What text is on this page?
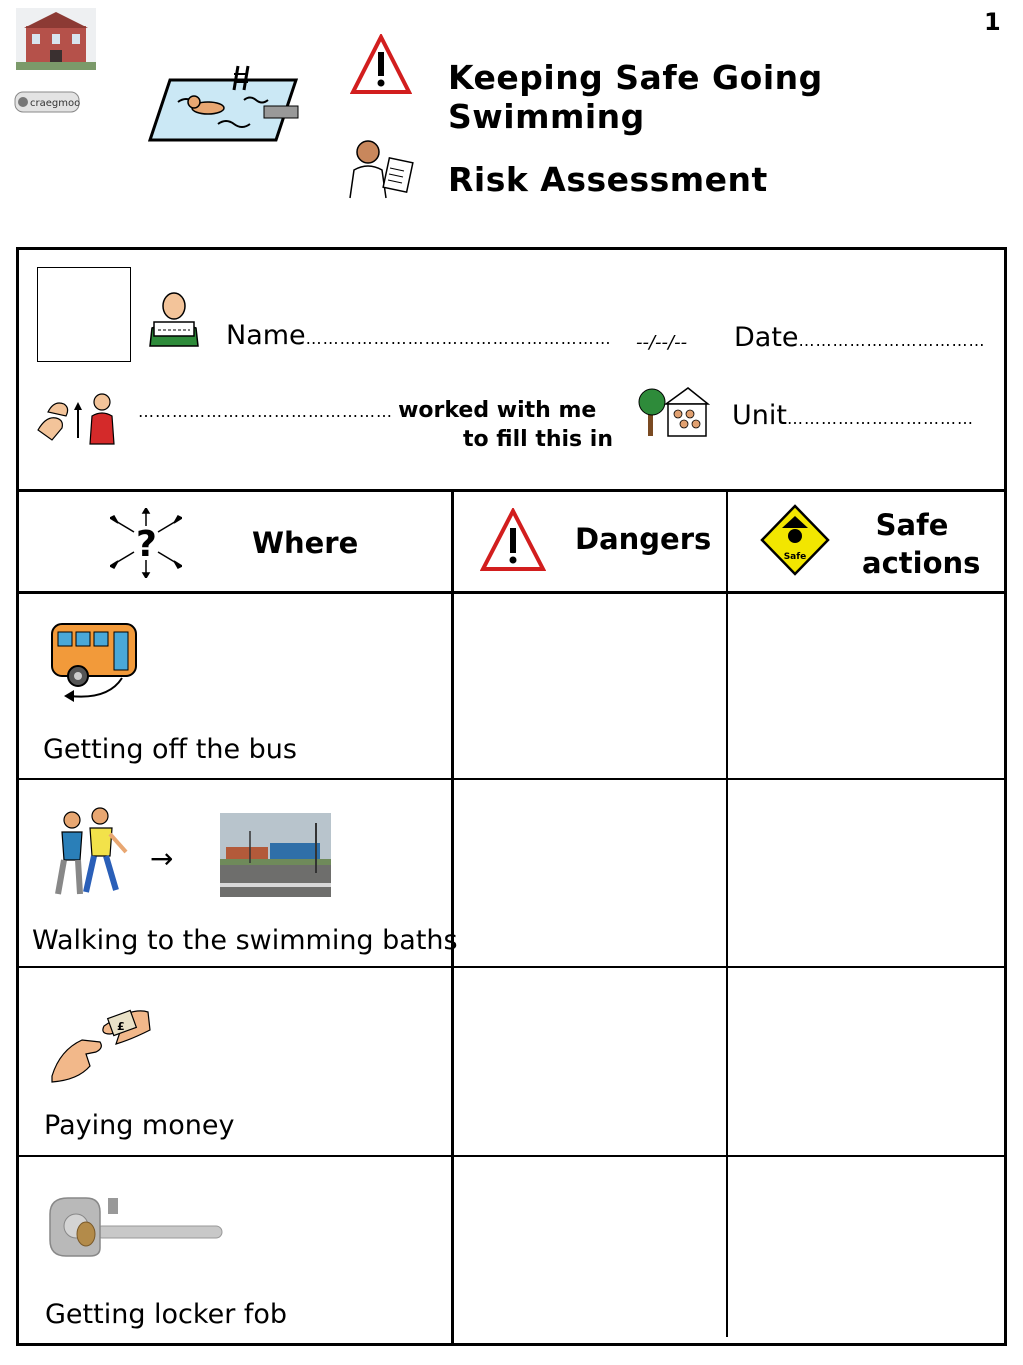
1
craegmoor
Keeping Safe Going Swimming
Risk Assessment
Name……………………………………………… --/--/-- Date……………………………
……………………………………… worked with me
to fill this in
Unit……………………………
?	Where	Dangers
Safe
Safe
actions
Getting off the bus
→
Walking to the swimming baths
£
Paying money
Getting locker fob
